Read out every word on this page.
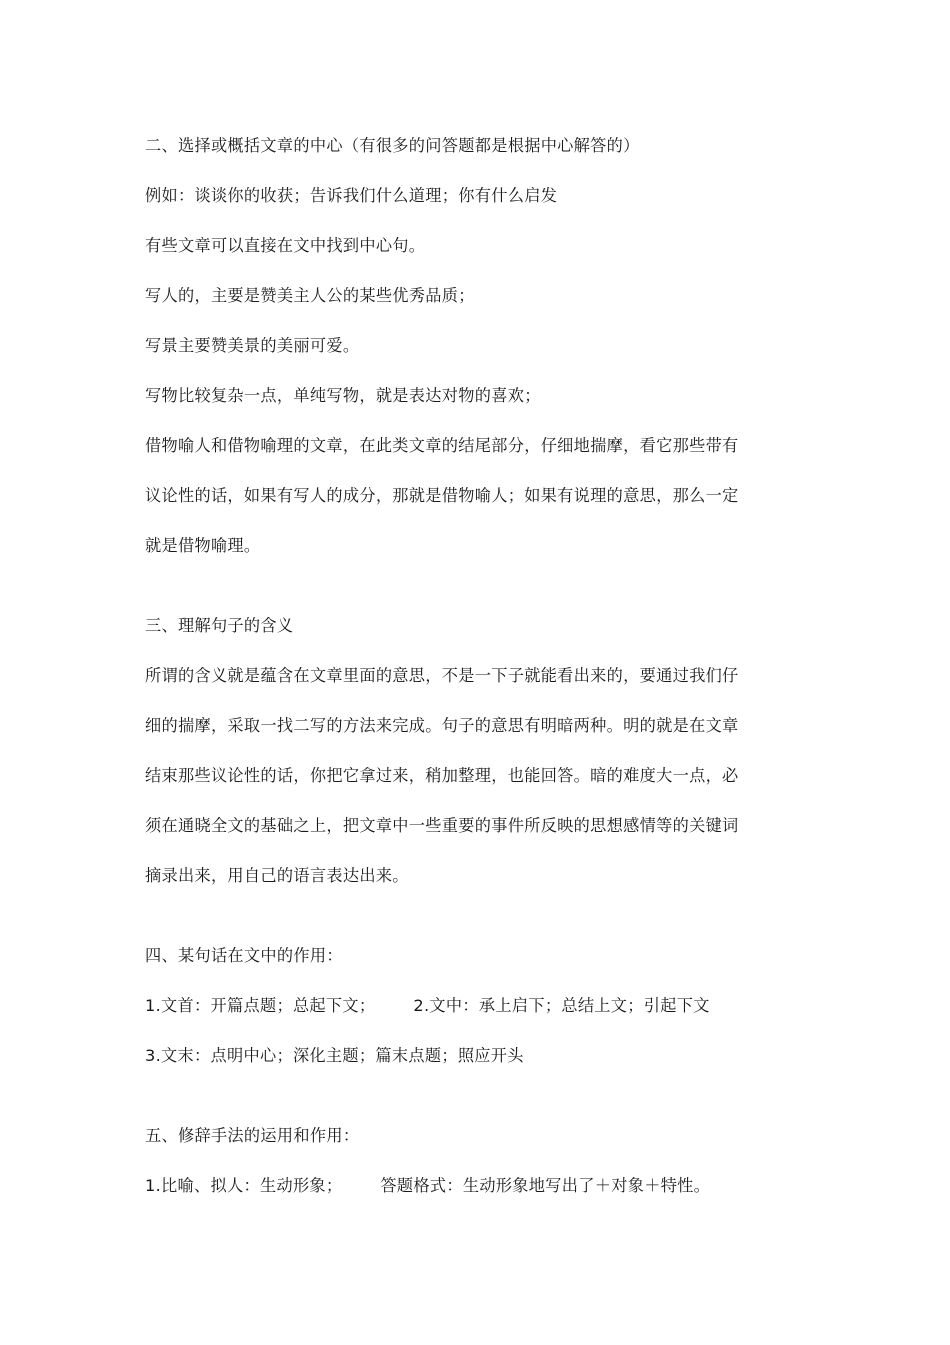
二、选择或概括文章的中心（有很多的问答题都是根据中心解答的）
例如：谈谈你的收获；告诉我们什么道理；你有什么启发
有些文章可以直接在文中找到中心句。
写人的，主要是赞美主人公的某些优秀品质；
写景主要赞美景的美丽可爱。
写物比较复杂一点，单纯写物，就是表达对物的喜欢；
借物喻人和借物喻理的文章，在此类文章的结尾部分，仔细地揣摩，看它那些带有
议论性的话，如果有写人的成分，那就是借物喻人；如果有说理的意思，那么一定
就是借物喻理。
三、理解句子的含义
所谓的含义就是蕴含在文章里面的意思，不是一下子就能看出来的，要通过我们仔
细的揣摩，采取一找二写的方法来完成。句子的意思有明暗两种。明的就是在文章
结束那些议论性的话，你把它拿过来，稍加整理，也能回答。暗的难度大一点，必
须在通晓全文的基础之上，把文章中一些重要的事件所反映的思想感情等的关键词
摘录出来，用自己的语言表达出来。
四、某句话在文中的作用：
1.文首：开篇点题；总起下文； 2.文中：承上启下；总结上文；引起下文
3.文末：点明中心；深化主题；篇末点题；照应开头
五、修辞手法的运用和作用：
1.比喻、拟人：生动形象； 答题格式：生动形象地写出了＋对象＋特性。
